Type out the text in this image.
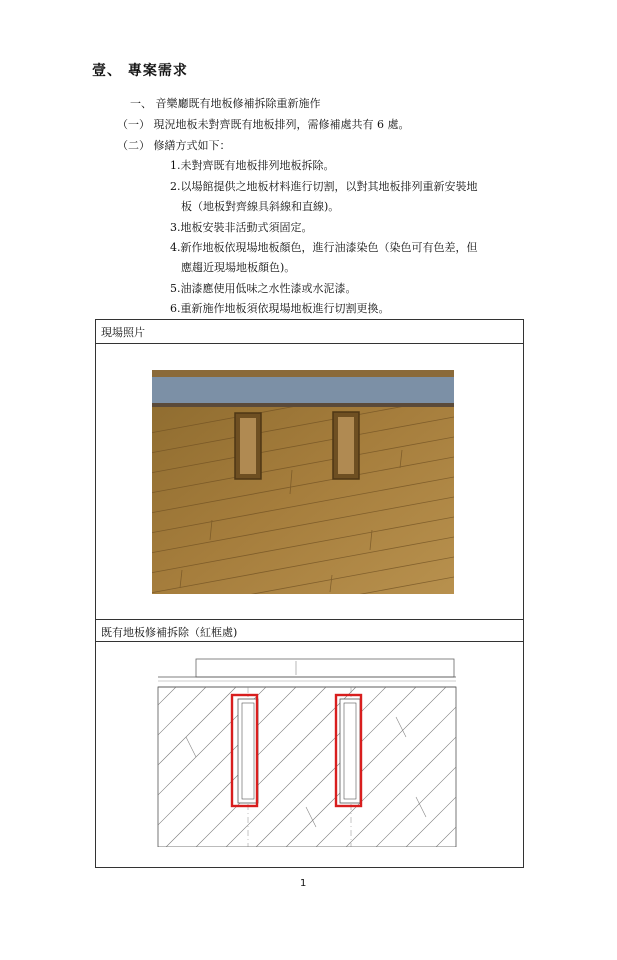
壹、 專案需求
一、 音樂廳既有地板修補拆除重新施作
（一） 現況地板未對齊既有地板排列，需修補處共有 6 處。
（二） 修繕方式如下：
1.未對齊既有地板排列地板拆除。
2.以場館提供之地板材料進行切割，以對其地板排列重新安裝地
板（地板對齊線具斜線和直線)。
3.地板安裝非活動式須固定。
4.新作地板依現場地板顏色，進行油漆染色（染色可有色差，但
應趨近現場地板顏色)。
5.油漆應使用低味之水性漆或水泥漆。
6.重新施作地板須依現場地板進行切割更換。
現場照片
既有地板修補拆除（紅框處)
1
